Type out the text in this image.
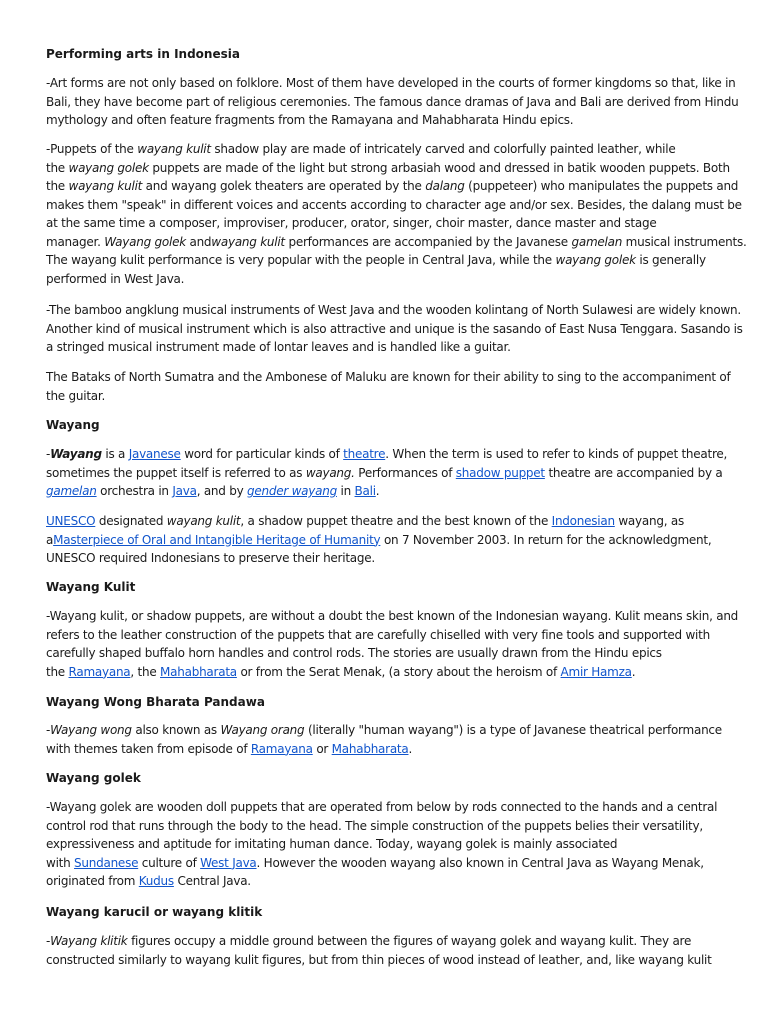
Performing arts in Indonesia

-Art forms are not only based on folklore. Most of them have developed in the courts of former kingdoms so that, like in
Bali, they have become part of religious ceremonies. The famous dance dramas of Java and Bali are derived from Hindu
mythology and often feature fragments from the Ramayana and Mahabharata Hindu epics.
-Puppets of the wayang kulit shadow play are made of intricately carved and colorfully painted leather, while
the wayang golek puppets are made of the light but strong arbasiah wood and dressed in batik wooden puppets. Both
the wayang kulit and wayang golek theaters are operated by the dalang (puppeteer) who manipulates the puppets and
makes them "speak" in different voices and accents according to character age and/or sex. Besides, the dalang must be
at the same time a composer, improviser, producer, orator, singer, choir master, dance master and stage
manager. Wayang golek andwayang kulit performances are accompanied by the Javanese gamelan musical instruments.
The wayang kulit performance is very popular with the people in Central Java, while the wayang golek is generally
performed in West Java.
-The bamboo angklung musical instruments of West Java and the wooden kolintang of North Sulawesi are widely known.
Another kind of musical instrument which is also attractive and unique is the sasando of East Nusa Tenggara. Sasando is
a stringed musical instrument made of lontar leaves and is handled like a guitar.
The Bataks of North Sumatra and the Ambonese of Maluku are known for their ability to sing to the accompaniment of
the guitar.

Wayang

-Wayang is a Javanese word for particular kinds of theatre. When the term is used to refer to kinds of puppet theatre,
sometimes the puppet itself is referred to as wayang. Performances of shadow puppet theatre are accompanied by a
gamelan orchestra in Java, and by gender wayang in Bali.
UNESCO designated wayang kulit, a shadow puppet theatre and the best known of the Indonesian wayang, as
aMasterpiece of Oral and Intangible Heritage of Humanity on 7 November 2003. In return for the acknowledgment,
UNESCO required Indonesians to preserve their heritage.

Wayang Kulit

-Wayang kulit, or shadow puppets, are without a doubt the best known of the Indonesian wayang. Kulit means skin, and
refers to the leather construction of the puppets that are carefully chiselled with very fine tools and supported with
carefully shaped buffalo horn handles and control rods. The stories are usually drawn from the Hindu epics
the Ramayana, the Mahabharata or from the Serat Menak, (a story about the heroism of Amir Hamza.

Wayang Wong Bharata Pandawa

-Wayang wong also known as Wayang orang (literally "human wayang") is a type of Javanese theatrical performance
with themes taken from episode of Ramayana or Mahabharata.

Wayang golek

-Wayang golek are wooden doll puppets that are operated from below by rods connected to the hands and a central
control rod that runs through the body to the head. The simple construction of the puppets belies their versatility,
expressiveness and aptitude for imitating human dance. Today, wayang golek is mainly associated
with Sundanese culture of West Java. However the wooden wayang also known in Central Java as Wayang Menak,
originated from Kudus Central Java.

Wayang karucil or wayang klitik

-Wayang klitik figures occupy a middle ground between the figures of wayang golek and wayang kulit. They are
constructed similarly to wayang kulit figures, but from thin pieces of wood instead of leather, and, like wayang kulit
